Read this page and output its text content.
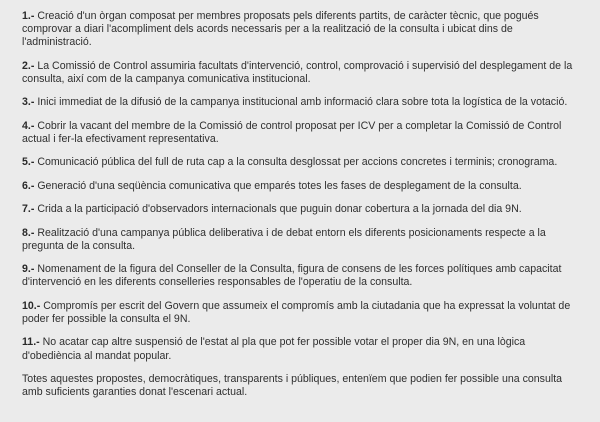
1.- Creació d'un òrgan composat per membres proposats pels diferents partits, de caràcter tècnic, que pogués comprovar a diari l'acompliment dels acords necessaris per a la realització de la consulta i ubicat dins de l'administració.

2.- La Comissió de Control assumiria facultats d'intervenció, control, comprovació i supervisió del desplegament de la consulta, així com de la campanya comunicativa institucional.

3.- Inici immediat de la difusió de la campanya institucional amb informació clara sobre tota la logística de la votació.

4.- Cobrir la vacant del membre de la Comissió de control proposat per ICV per a completar la Comissió de Control actual i fer-la efectivament representativa.

5.- Comunicació pública del full de ruta cap a la consulta desglossat per accions concretes i terminis; cronograma.

6.- Generació d'una seqüència comunicativa que emparés totes les fases de desplegament de la consulta.

7.- Crida a la participació d'observadors internacionals que puguin donar cobertura a la jornada del dia 9N.

8.- Realització d'una campanya pública deliberativa i de debat entorn els diferents posicionaments respecte a la pregunta de la consulta.

9.- Nomenament de la figura del Conseller de la Consulta, figura de consens de les forces polítiques amb capacitat d'intervenció en les diferents conselleries responsables de l'operatiu de la consulta.

10.- Compromís per escrit del Govern que assumeix el compromís amb la ciutadania que ha expressat la voluntat de poder fer possible la consulta el 9N.

11.- No acatar cap altre suspensió de l'estat al pla que pot fer possible votar el proper dia 9N, en una lògica d'obediència al mandat popular.

Totes aquestes propostes, democràtiques, transparents i públiques, entenïem que podien fer possible una consulta amb suficients garanties donat l'escenari actual.
